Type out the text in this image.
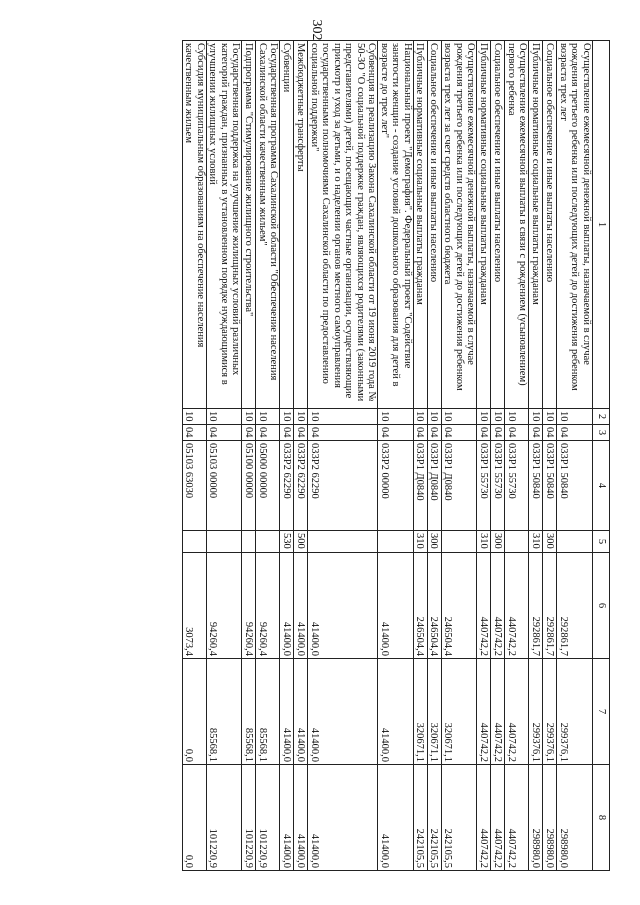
302
1	2	3	4	5	6	7	8
Осуществление ежемесячной денежной выплаты, назначаемой в случае рождения третьего ребенка или последующих детей до достижения ребенком возраста трех лет	10	04	033Р1 50840		292861,7	299376,1	298980,0
Социальное обеспечение и иные выплаты населению	10	04	033Р1 50840	300	292861,7	299376,1	298980,0
Публичные нормативные социальные выплаты гражданам	10	04	033Р1 50840	310	292861,7	299376,1	298980,0
Осуществление ежемесячной выплаты в связи с рождением (усыновлением) первого ребенка	10	04	033Р1 55730		440742,2	440742,2	440742,2
Социальное обеспечение и иные выплаты населению	10	04	033Р1 55730	300	440742,2	440742,2	440742,2
Публичные нормативные социальные выплаты гражданам	10	04	033Р1 55730	310	440742,2	440742,2	440742,2
Осуществление ежемесячной денежной выплаты, назначаемой в случае рождения третьего ребенка или последующих детей до достижения ребенком возраста трех лет за счет средств областного бюджета	10	04	033Р1 Д0840		246504,4	320671,1	242105,5
Социальное обеспечение и иные выплаты населению	10	04	033Р1 Д0840	300	246504,4	320671,1	242105,5
Публичные нормативные социальные выплаты гражданам	10	04	033Р1 Д0840	310	246504,4	320671,1	242105,5
Национальный проект "Демография". Федеральный проект "Содействие занятости женщин - создание условий дошкольного образования для детей в возрасте до трех лет"	10	04	033Р2 00000		41400,0	41400,0	41400,0
Субвенция на реализацию Закона Сахалинской области от 19 июня 2019 года № 50-ЗО "О социальной поддержке граждан, являющихся родителями (законными представителями) детей, посещающих частные организации, осуществляющие присмотр и уход за детьми, и о наделении органов местного самоуправления государственными полномочиями Сахалинской области по предоставлению социальной поддержки"	10	04	033Р2 62290		41400,0	41400,0	41400,0
Межбюджетные трансферты	10	04	033Р2 62290	500	41400,0	41400,0	41400,0
Субвенции	10	04	033Р2 62290	530	41400,0	41400,0	41400,0
Государственная программа Сахалинской области "Обеспечение населения Сахалинской области качественным жильем"	10	04	05000 00000		94260,4	85568,1	101220,9
Подпрограмма "Стимулирование жилищного строительства"	10	04	05100 00000		94260,4	85568,1	101220,9
Государственная поддержка на улучшение жилищных условий различных категорий граждан, признанных в установленном порядке нуждающимися в улучшении жилищных условий	10	04	05103 00000		94260,4	85568,1	101220,9
Субсидия муниципальным образованиям на обеспечение населения качественным жильем	10	04	05103 63030		3073,4	0,0	0,0
